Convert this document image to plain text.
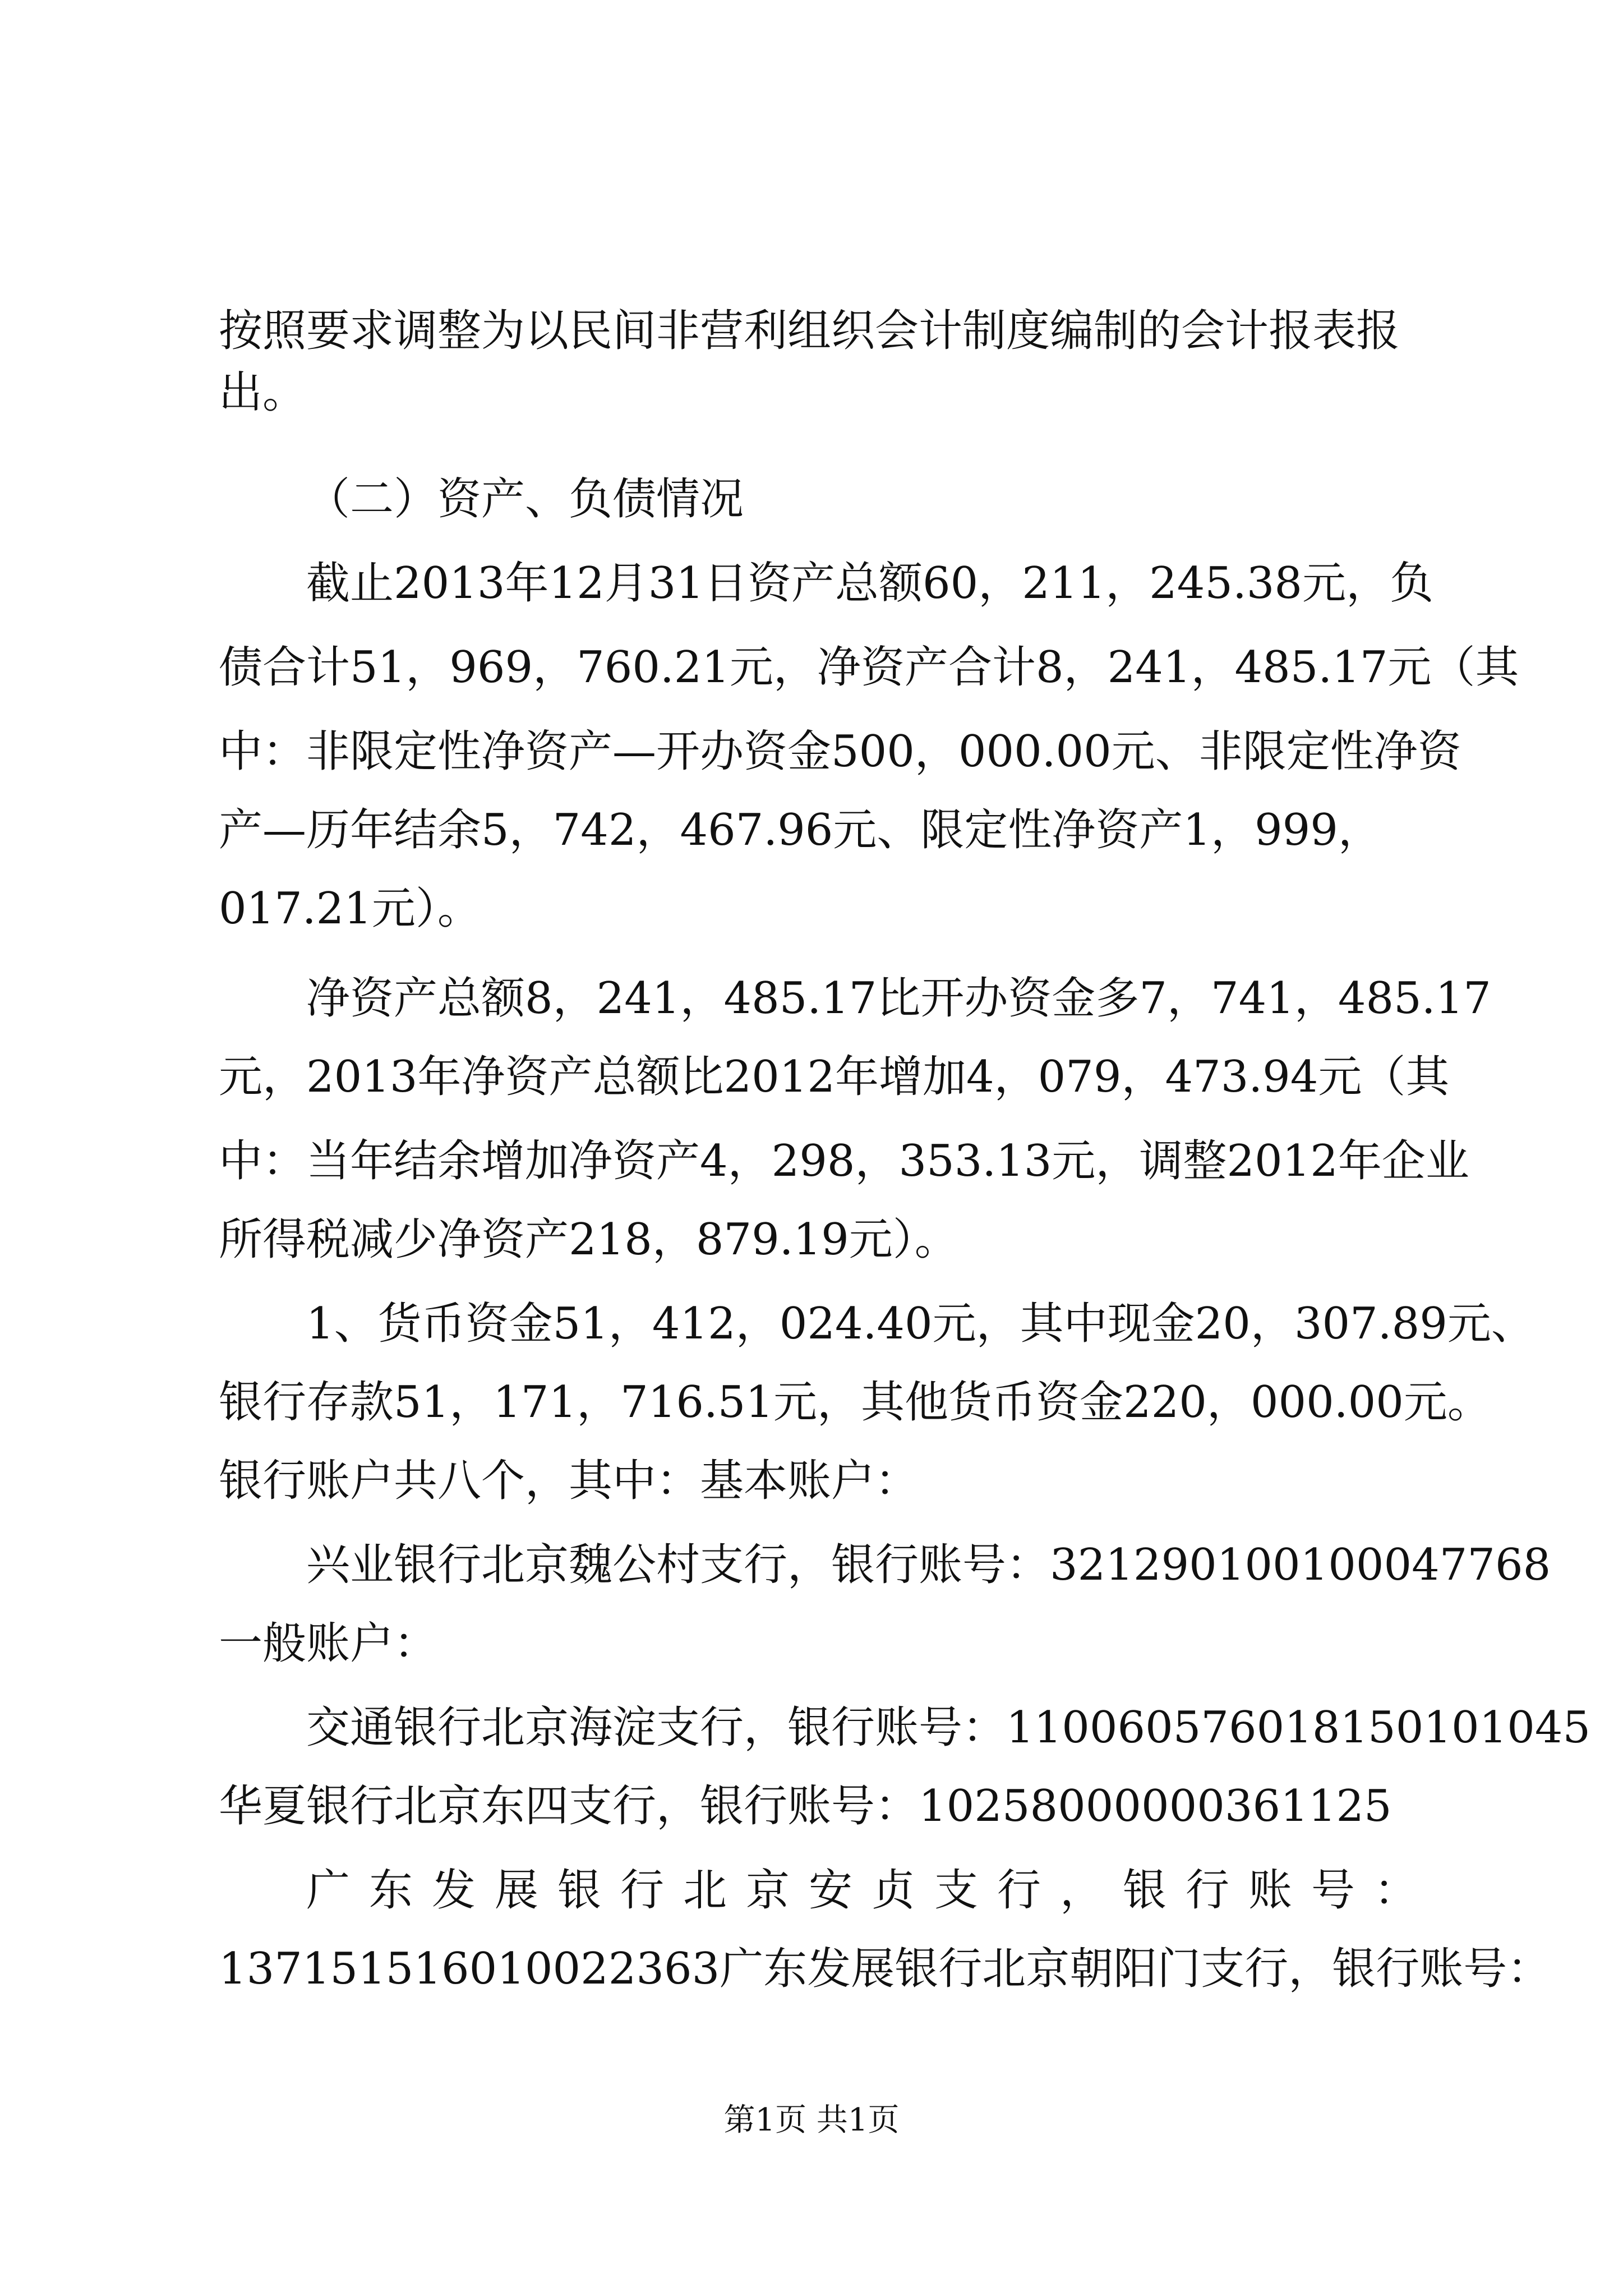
按照要求调整为以民间非营利组织会计制度编制的会计报表报
出。
（二）资产、负债情况
截止2013年12月31日资产总额60，211，245.38元，负
债合计51，969，760.21元，净资产合计8，241，485.17元（其
中：非限定性净资产—开办资金500，000.00元、非限定性净资
产—历年结余5，742，467.96元、限定性净资产1，999，
017.21元）。
净资产总额8，241，485.17比开办资金多7，741，485.17
元，2013年净资产总额比2012年增加4，079，473.94元（其
中：当年结余增加净资产4，298，353.13元，调整2012年企业
所得税减少净资产218，879.19元）。
1、货币资金51，412，024.40元，其中现金20，307.89元、
银行存款51，171，716.51元，其他货币资金220，000.00元。
银行账户共八个，其中：基本账户：
兴业银行北京魏公村支行，银行账号：321290100100047768
一般账户：
交通银行北京海淀支行，银行账号：110060576018150101045
华夏银行北京东四支行，银行账号：10258000000361125
广东发展银行北京安贞支行，银行账号：
137151516010022363广东发展银行北京朝阳门支行，银行账号：
第1页 共1页
